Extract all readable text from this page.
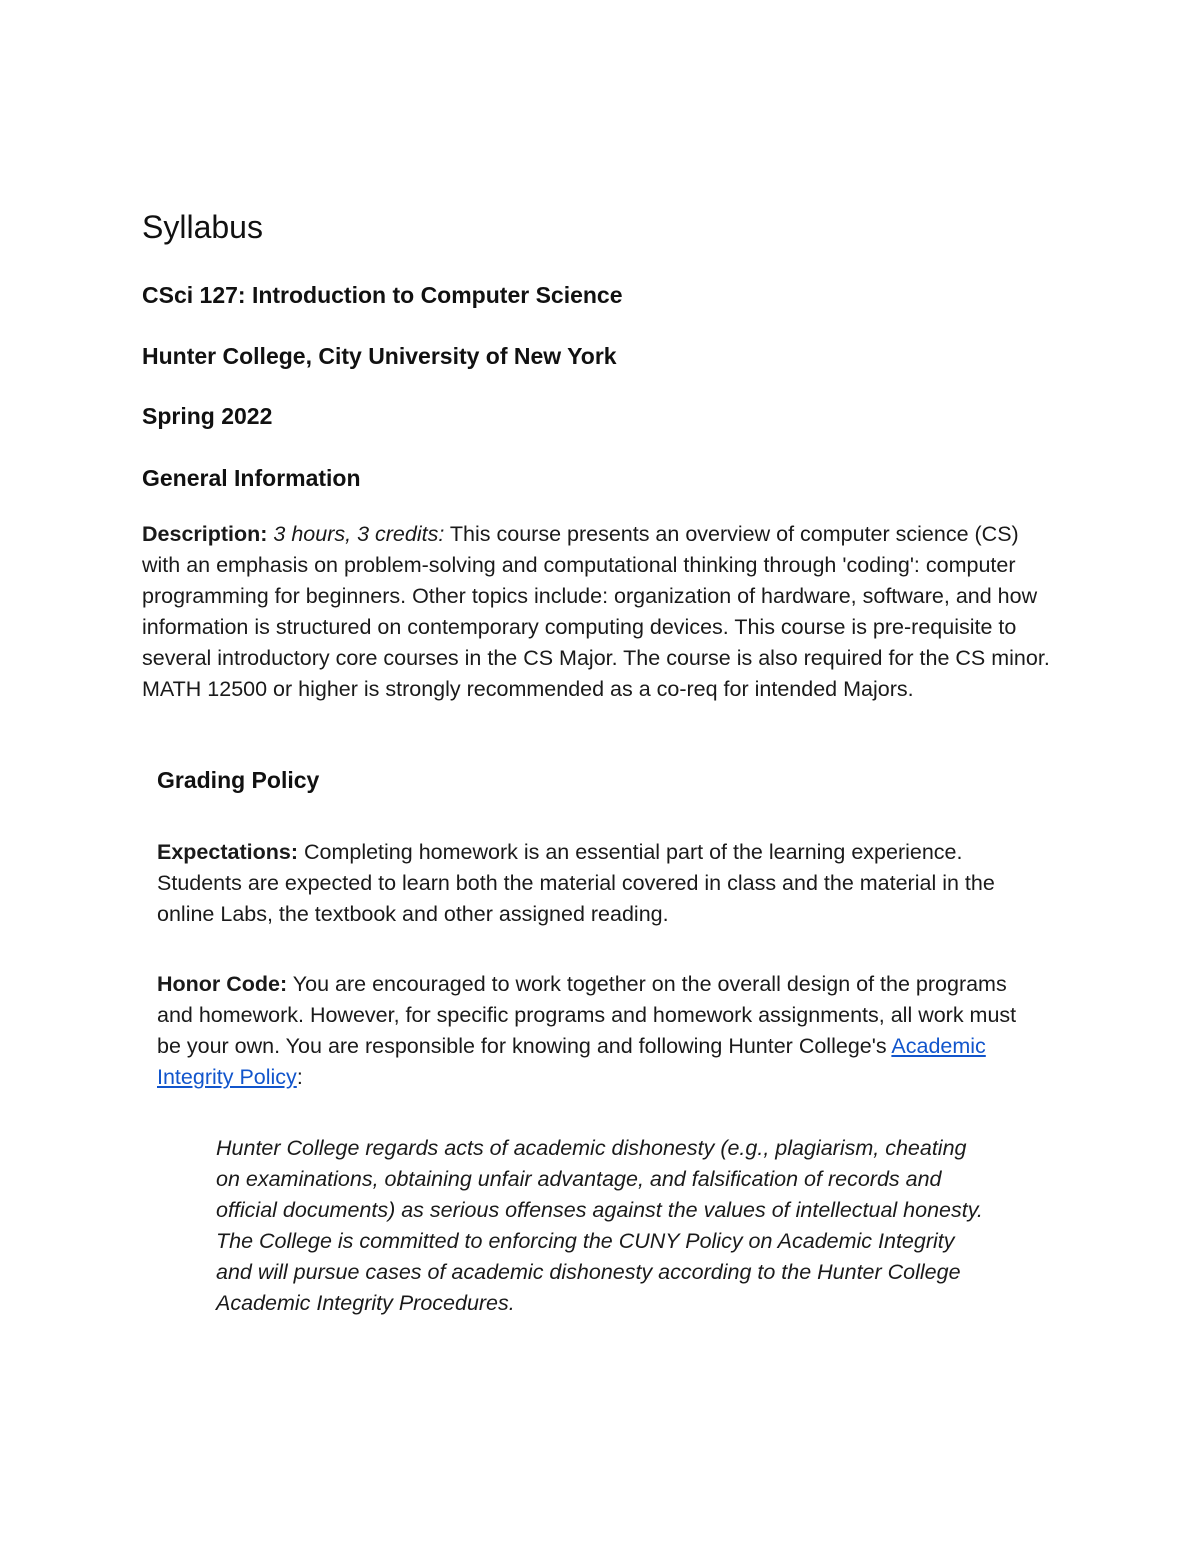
Syllabus
CSci 127: Introduction to Computer Science
Hunter College, City University of New York
Spring 2022
General Information

Description: 3 hours, 3 credits: This course presents an overview of computer science (CS) with an emphasis on problem-solving and computational thinking through 'coding': computer programming for beginners. Other topics include: organization of hardware, software, and how information is structured on contemporary computing devices. This course is pre-requisite to several introductory core courses in the CS Major. The course is also required for the CS minor. MATH 12500 or higher is strongly recommended as a co-req for intended Majors.

Grading Policy

Expectations: Completing homework is an essential part of the learning experience. Students are expected to learn both the material covered in class and the material in the online Labs, the textbook and other assigned reading.

Honor Code: You are encouraged to work together on the overall design of the programs and homework. However, for specific programs and homework assignments, all work must be your own. You are responsible for knowing and following Hunter College's Academic Integrity Policy:

Hunter College regards acts of academic dishonesty (e.g., plagiarism, cheating on examinations, obtaining unfair advantage, and falsification of records and official documents) as serious offenses against the values of intellectual honesty. The College is committed to enforcing the CUNY Policy on Academic Integrity and will pursue cases of academic dishonesty according to the Hunter College Academic Integrity Procedures.
